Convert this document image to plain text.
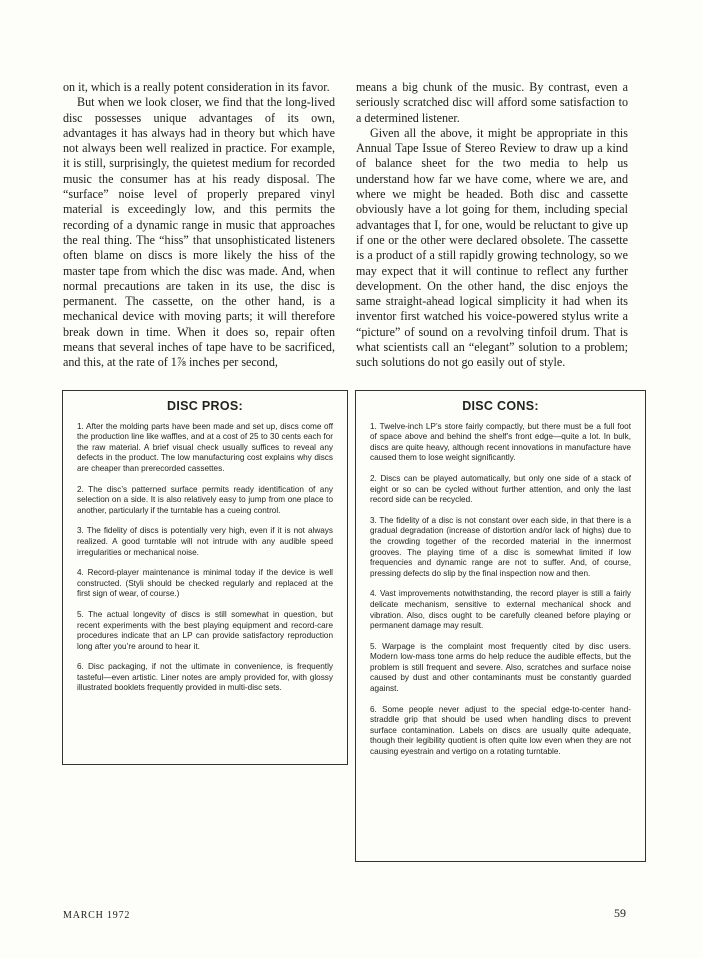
on it, which is a really potent consideration in its favor.

But when we look closer, we find that the long-lived disc possesses unique advantages of its own, advantages it has always had in theory but which have not always been well realized in practice. For example, it is still, surprisingly, the quietest medium for recorded music the consumer has at his ready disposal. The “surface” noise level of properly prepared vinyl material is exceedingly low, and this permits the recording of a dynamic range in music that approaches the real thing. The “hiss” that unsophisticated listeners often blame on discs is more likely the hiss of the master tape from which the disc was made. And, when normal precautions are taken in its use, the disc is permanent. The cassette, on the other hand, is a mechanical device with moving parts; it will therefore break down in time. When it does so, repair often means that several inches of tape have to be sacrificed, and this, at the rate of 1⅞ inches per second,

means a big chunk of the music. By contrast, even a seriously scratched disc will afford some satisfaction to a determined listener.

Given all the above, it might be appropriate in this Annual Tape Issue of Stereo Review to draw up a kind of balance sheet for the two media to help us understand how far we have come, where we are, and where we might be headed. Both disc and cassette obviously have a lot going for them, including special advantages that I, for one, would be reluctant to give up if one or the other were declared obsolete. The cassette is a product of a still rapidly growing technology, so we may expect that it will continue to reflect any further development. On the other hand, the disc enjoys the same straight-ahead logical simplicity it had when its inventor first watched his voice-powered stylus write a “picture” of sound on a revolving tinfoil drum. That is what scientists call an “elegant” solution to a problem; such solutions do not go easily out of style.

DISC PROS:

1. After the molding parts have been made and set up, discs come off the production line like waffles, and at a cost of 25 to 30 cents each for the raw material. A brief visual check usually suffices to reveal any defects in the product. The low manufacturing cost explains why discs are cheaper than prerecorded cassettes.

2. The disc’s patterned surface permits ready identification of any selection on a side. It is also relatively easy to jump from one place to another, particularly if the turntable has a cueing control.

3. The fidelity of discs is potentially very high, even if it is not always realized. A good turntable will not intrude with any audible speed irregularities or mechanical noise.

4. Record-player maintenance is minimal today if the device is well constructed. (Styli should be checked regularly and replaced at the first sign of wear, of course.)

5. The actual longevity of discs is still somewhat in question, but recent experiments with the best playing equipment and record-care procedures indicate that an LP can provide satisfactory reproduction long after you’re around to hear it.

6. Disc packaging, if not the ultimate in convenience, is frequently tasteful—even artistic. Liner notes are amply provided for, with glossy illustrated booklets frequently provided in multi-disc sets.

DISC CONS:

1. Twelve-inch LP’s store fairly compactly, but there must be a full foot of space above and behind the shelf’s front edge—quite a lot. In bulk, discs are quite heavy, although recent innovations in manufacture have caused them to lose weight significantly.

2. Discs can be played automatically, but only one side of a stack of eight or so can be cycled without further attention, and only the last record side can be recycled.

3. The fidelity of a disc is not constant over each side, in that there is a gradual degradation (increase of distortion and/or lack of highs) due to the crowding together of the recorded material in the innermost grooves. The playing time of a disc is somewhat limited if low frequencies and dynamic range are not to suffer. And, of course, pressing defects do slip by the final inspection now and then.

4. Vast improvements notwithstanding, the record player is still a fairly delicate mechanism, sensitive to external mechanical shock and vibration. Also, discs ought to be carefully cleaned before playing or permanent damage may result.

5. Warpage is the complaint most frequently cited by disc users. Modern low-mass tone arms do help reduce the audible effects, but the problem is still frequent and severe. Also, scratches and surface noise caused by dust and other contaminants must be constantly guarded against.

6. Some people never adjust to the special edge-to-center hand-straddle grip that should be used when handling discs to prevent surface contamination. Labels on discs are usually quite adequate, though their legibility quotient is often quite low even when they are not causing eyestrain and vertigo on a rotating turntable.

MARCH 1972	59
